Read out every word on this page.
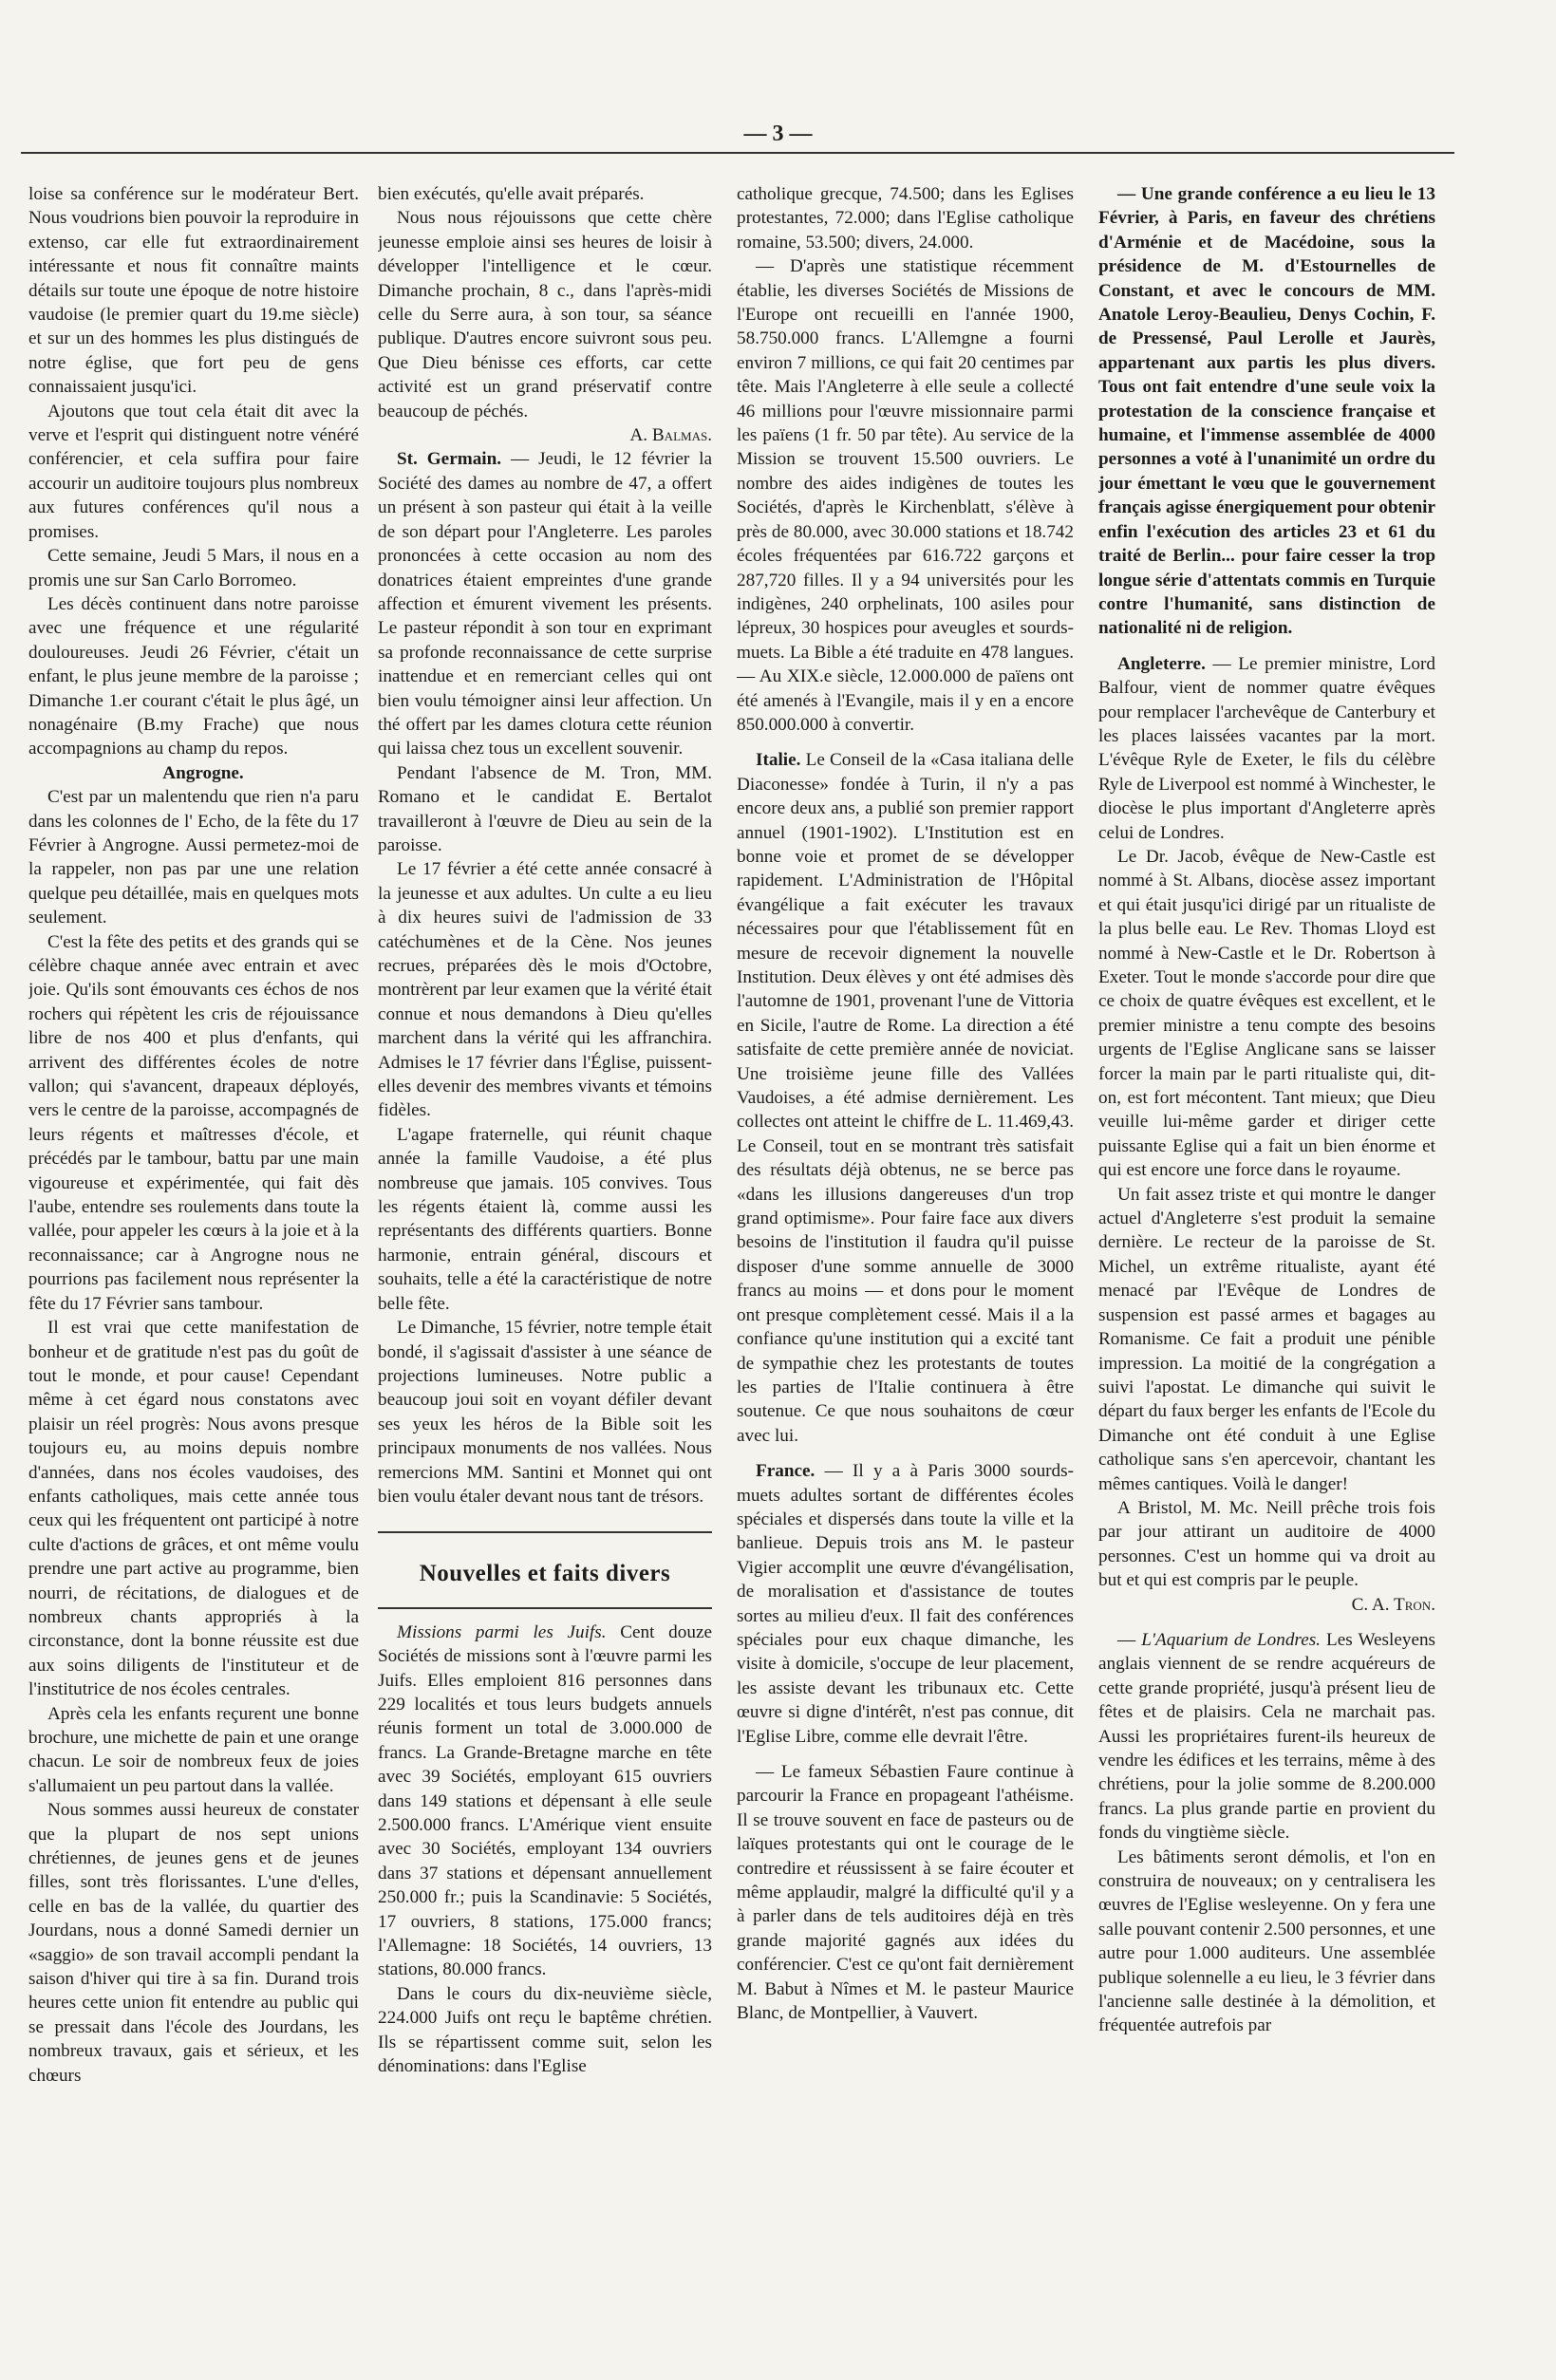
— 3 —

loise sa conférence sur le modérateur Bert. Nous voudrions bien pouvoir la reproduire in extenso, car elle fut extraordinairement intéressante et nous fit connaître maints détails sur toute une époque de notre histoire vaudoise (le premier quart du 19.me siècle) et sur un des hommes les plus distingués de notre église, que fort peu de gens connaissaient jusqu'ici.

Ajoutons que tout cela était dit avec la verve et l'esprit qui distinguent notre vénéré conférencier, et cela suffira pour faire accourir un auditoire toujours plus nombreux aux futures conférences qu'il nous a promises.

Cette semaine, Jeudi 5 Mars, il nous en a promis une sur San Carlo Borromeo.

Les décès continuent dans notre paroisse avec une fréquence et une régularité douloureuses. Jeudi 26 Février, c'était un enfant, le plus jeune membre de la paroisse ; Dimanche 1.er courant c'était le plus âgé, un nonagénaire (B.my Frache) que nous accompagnions au champ du repos.

Angrogne.

C'est par un malentendu que rien n'a paru dans les colonnes de l' Echo, de la fête du 17 Février à Angrogne. Aussi permetez-moi de la rappeler, non pas par une une relation quelque peu détaillée, mais en quelques mots seulement.

C'est la fête des petits et des grands qui se célèbre chaque année avec entrain et avec joie. Qu'ils sont émouvants ces échos de nos rochers qui répètent les cris de réjouissance libre de nos 400 et plus d'enfants, qui arrivent des différentes écoles de notre vallon; qui s'avancent, drapeaux déployés, vers le centre de la paroisse, accompagnés de leurs régents et maîtresses d'école, et précédés par le tambour, battu par une main vigoureuse et expérimentée, qui fait dès l'aube, entendre ses roulements dans toute la vallée, pour appeler les cœurs à la joie et à la reconnaissance; car à Angrogne nous ne pourrions pas facilement nous représenter la fête du 17 Février sans tambour.

Il est vrai que cette manifestation de bonheur et de gratitude n'est pas du goût de tout le monde, et pour cause! Cependant même à cet égard nous constatons avec plaisir un réel progrès: Nous avons presque toujours eu, au moins depuis nombre d'années, dans nos écoles vaudoises, des enfants catholiques, mais cette année tous ceux qui les fréquentent ont participé à notre culte d'actions de grâces, et ont même voulu prendre une part active au programme, bien nourri, de récitations, de dialogues et de nombreux chants appropriés à la circonstance, dont la bonne réussite est due aux soins diligents de l'instituteur et de l'institutrice de nos écoles centrales.

Après cela les enfants reçurent une bonne brochure, une michette de pain et une orange chacun. Le soir de nombreux feux de joies s'allumaient un peu partout dans la vallée.

Nous sommes aussi heureux de constater que la plupart de nos sept unions chrétiennes, de jeunes gens et de jeunes filles, sont très florissantes. L'une d'elles, celle en bas de la vallée, du quartier des Jourdans, nous a donné Samedi dernier un «saggio» de son travail accompli pendant la saison d'hiver qui tire à sa fin. Durand trois heures cette union fit entendre au public qui se pressait dans l'école des Jourdans, les nombreux travaux, gais et sérieux, et les chœurs

bien exécutés, qu'elle avait préparés.

Nous nous réjouissons que cette chère jeunesse emploie ainsi ses heures de loisir à développer l'intelligence et le cœur. Dimanche prochain, 8 c., dans l'après-midi celle du Serre aura, à son tour, sa séance publique. D'autres encore suivront sous peu. Que Dieu bénisse ces efforts, car cette activité est un grand préservatif contre beaucoup de péchés.

A. Balmas.

St. Germain. — Jeudi, le 12 février la Société des dames au nombre de 47, a offert un présent à son pasteur qui était à la veille de son départ pour l'Angleterre. Les paroles prononcées à cette occasion au nom des donatrices étaient empreintes d'une grande affection et émurent vivement les présents. Le pasteur répondit à son tour en exprimant sa profonde reconnaissance de cette surprise inattendue et en remerciant celles qui ont bien voulu témoigner ainsi leur affection. Un thé offert par les dames clotura cette réunion qui laissa chez tous un excellent souvenir.

Pendant l'absence de M. Tron, MM. Romano et le candidat E. Bertalot travailleront à l'œuvre de Dieu au sein de la paroisse.

Le 17 février a été cette année consacré à la jeunesse et aux adultes. Un culte a eu lieu à dix heures suivi de l'admission de 33 catéchumènes et de la Cène. Nos jeunes recrues, préparées dès le mois d'Octobre, montrèrent par leur examen que la vérité était connue et nous demandons à Dieu qu'elles marchent dans la vérité qui les affranchira. Admises le 17 février dans l'Église, puissent-elles devenir des membres vivants et témoins fidèles.

L'agape fraternelle, qui réunit chaque année la famille Vaudoise, a été plus nombreuse que jamais. 105 convives. Tous les régents étaient là, comme aussi les représentants des différents quartiers. Bonne harmonie, entrain général, discours et souhaits, telle a été la caractéristique de notre belle fête.

Le Dimanche, 15 février, notre temple était bondé, il s'agissait d'assister à une séance de projections lumineuses. Notre public a beaucoup joui soit en voyant défiler devant ses yeux les héros de la Bible soit les principaux monuments de nos vallées. Nous remercions MM. Santini et Monnet qui ont bien voulu étaler devant nous tant de trésors.

Nouvelles et faits divers

Missions parmi les Juifs. Cent douze Sociétés de missions sont à l'œuvre parmi les Juifs. Elles emploient 816 personnes dans 229 localités et tous leurs budgets annuels réunis forment un total de 3.000.000 de francs. La Grande-Bretagne marche en tête avec 39 Sociétés, employant 615 ouvriers dans 149 stations et dépensant à elle seule 2.500.000 francs. L'Amérique vient ensuite avec 30 Sociétés, employant 134 ouvriers dans 37 stations et dépensant annuellement 250.000 fr.; puis la Scandinavie: 5 Sociétés, 17 ouvriers, 8 stations, 175.000 francs; l'Allemagne: 18 Sociétés, 14 ouvriers, 13 stations, 80.000 francs.

Dans le cours du dix-neuvième siècle, 224.000 Juifs ont reçu le baptême chrétien. Ils se répartissent comme suit, selon les dénominations: dans l'Eglise

catholique grecque, 74.500; dans les Eglises protestantes, 72.000; dans l'Eglise catholique romaine, 53.500; divers, 24.000.

— D'après une statistique récemment établie, les diverses Sociétés de Missions de l'Europe ont recueilli en l'année 1900, 58.750.000 francs. L'Allemgne a fourni environ 7 millions, ce qui fait 20 centimes par tête. Mais l'Angleterre à elle seule a collecté 46 millions pour l'œuvre missionnaire parmi les païens (1 fr. 50 par tête). Au service de la Mission se trouvent 15.500 ouvriers. Le nombre des aides indigènes de toutes les Sociétés, d'après le Kirchenblatt, s'élève à près de 80.000, avec 30.000 stations et 18.742 écoles fréquentées par 616.722 garçons et 287,720 filles. Il y a 94 universités pour les indigènes, 240 orphelinats, 100 asiles pour lépreux, 30 hospices pour aveugles et sourds-muets. La Bible a été traduite en 478 langues. — Au XIX.e siècle, 12.000.000 de païens ont été amenés à l'Evangile, mais il y en a encore 850.000.000 à convertir.

Italie. Le Conseil de la «Casa italiana delle Diaconesse» fondée à Turin, il n'y a pas encore deux ans, a publié son premier rapport annuel (1901-1902). L'Institution est en bonne voie et promet de se développer rapidement. L'Administration de l'Hôpital évangélique a fait exécuter les travaux nécessaires pour que l'établissement fût en mesure de recevoir dignement la nouvelle Institution. Deux élèves y ont été admises dès l'automne de 1901, provenant l'une de Vittoria en Sicile, l'autre de Rome. La direction a été satisfaite de cette première année de noviciat. Une troisième jeune fille des Vallées Vaudoises, a été admise dernièrement. Les collectes ont atteint le chiffre de L. 11.469,43. Le Conseil, tout en se montrant très satisfait des résultats déjà obtenus, ne se berce pas «dans les illusions dangereuses d'un trop grand optimisme». Pour faire face aux divers besoins de l'institution il faudra qu'il puisse disposer d'une somme annuelle de 3000 francs au moins — et dons pour le moment ont presque complètement cessé. Mais il a la confiance qu'une institution qui a excité tant de sympathie chez les protestants de toutes les parties de l'Italie continuera à être soutenue. Ce que nous souhaitons de cœur avec lui.

France. — Il y a à Paris 3000 sourds-muets adultes sortant de différentes écoles spéciales et dispersés dans toute la ville et la banlieue. Depuis trois ans M. le pasteur Vigier accomplit une œuvre d'évangélisation, de moralisation et d'assistance de toutes sortes au milieu d'eux. Il fait des conférences spéciales pour eux chaque dimanche, les visite à domicile, s'occupe de leur placement, les assiste devant les tribunaux etc. Cette œuvre si digne d'intérêt, n'est pas connue, dit l'Eglise Libre, comme elle devrait l'être.

— Le fameux Sébastien Faure continue à parcourir la France en propageant l'athéisme. Il se trouve souvent en face de pasteurs ou de laïques protestants qui ont le courage de le contredire et réussissent à se faire écouter et même applaudir, malgré la difficulté qu'il y a à parler dans de tels auditoires déjà en très grande majorité gagnés aux idées du conférencier. C'est ce qu'ont fait dernièrement M. Babut à Nîmes et M. le pasteur Maurice Blanc, de Montpellier, à Vauvert.

— Une grande conférence a eu lieu le 13 Février, à Paris, en faveur des chrétiens d'Arménie et de Macédoine, sous la présidence de M. d'Estournelles de Constant, et avec le concours de MM. Anatole Leroy-Beaulieu, Denys Cochin, F. de Pressensé, Paul Lerolle et Jaurès, appartenant aux partis les plus divers. Tous ont fait entendre d'une seule voix la protestation de la conscience française et humaine, et l'immense assemblée de 4000 personnes a voté à l'unanimité un ordre du jour émettant le vœu que le gouvernement français agisse énergiquement pour obtenir enfin l'exécution des articles 23 et 61 du traité de Berlin... pour faire cesser la trop longue série d'attentats commis en Turquie contre l'humanité, sans distinction de nationalité ni de religion.

Angleterre. — Le premier ministre, Lord Balfour, vient de nommer quatre évêques pour remplacer l'archevêque de Canterbury et les places laissées vacantes par la mort. L'évêque Ryle de Exeter, le fils du célèbre Ryle de Liverpool est nommé à Winchester, le diocèse le plus important d'Angleterre après celui de Londres.

Le Dr. Jacob, évêque de New-Castle est nommé à St. Albans, diocèse assez important et qui était jusqu'ici dirigé par un ritualiste de la plus belle eau. Le Rev. Thomas Lloyd est nommé à New-Castle et le Dr. Robertson à Exeter. Tout le monde s'accorde pour dire que ce choix de quatre évêques est excellent, et le premier ministre a tenu compte des besoins urgents de l'Eglise Anglicane sans se laisser forcer la main par le parti ritualiste qui, dit-on, est fort mécontent. Tant mieux; que Dieu veuille lui-même garder et diriger cette puissante Eglise qui a fait un bien énorme et qui est encore une force dans le royaume.

Un fait assez triste et qui montre le danger actuel d'Angleterre s'est produit la semaine dernière. Le recteur de la paroisse de St. Michel, un extrême ritualiste, ayant été menacé par l'Evêque de Londres de suspension est passé armes et bagages au Romanisme. Ce fait a produit une pénible impression. La moitié de la congrégation a suivi l'apostat. Le dimanche qui suivit le départ du faux berger les enfants de l'Ecole du Dimanche ont été conduit à une Eglise catholique sans s'en apercevoir, chantant les mêmes cantiques. Voilà le danger!

A Bristol, M. Mc. Neill prêche trois fois par jour attirant un auditoire de 4000 personnes. C'est un homme qui va droit au but et qui est compris par le peuple.

C. A. Tron.

— L'Aquarium de Londres. Les Wesleyens anglais viennent de se rendre acquéreurs de cette grande propriété, jusqu'à présent lieu de fêtes et de plaisirs. Cela ne marchait pas. Aussi les propriétaires furent-ils heureux de vendre les édifices et les terrains, même à des chrétiens, pour la jolie somme de 8.200.000 francs. La plus grande partie en provient du fonds du vingtième siècle.

Les bâtiments seront démolis, et l'on en construira de nouveaux; on y centralisera les œuvres de l'Eglise wesleyenne. On y fera une salle pouvant contenir 2.500 personnes, et une autre pour 1.000 auditeurs. Une assemblée publique solennelle a eu lieu, le 3 février dans l'ancienne salle destinée à la démolition, et fréquentée autrefois par
